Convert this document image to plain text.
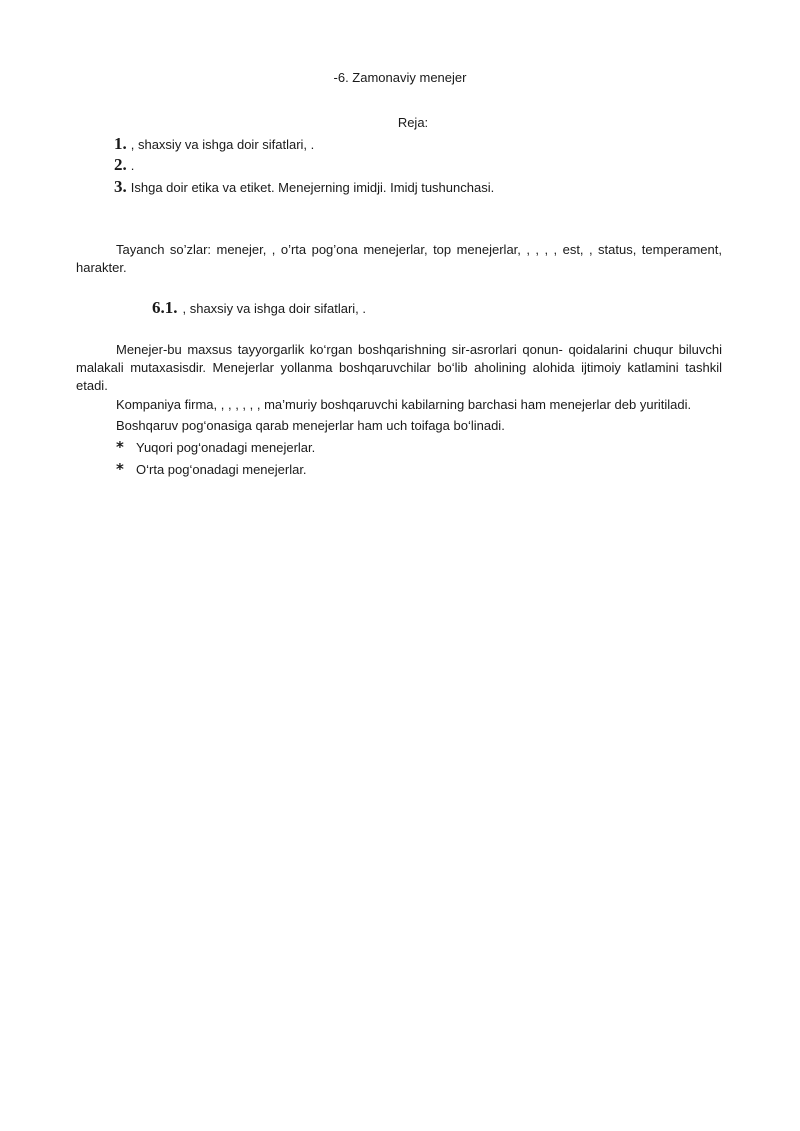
-6. Zamonaviy menejer
Reja:
1. , shaxsiy va ishga doir sifatlari, .
2. .
3. Ishga doir etika va etiket. Menejerning imidji. Imidj tushunchasi.
Tayanch so’zlar: menejer, , o’rta pog’ona menejerlar, top menejerlar, , , , , est, , status, temperament, harakter.
6.1. , shaxsiy va ishga doir sifatlari, .
Menejer-bu maxsus tayyorgarlik ko‘rgan boshqarishning sir-asrorlari qonun- qoidalarini chuqur biluvchi malakali mutaxasisdir. Menejerlar yollanma boshqaruvchilar bo‘lib aholining alohida ijtimoiy katlamini tashkil etadi.
Kompaniya firma, , , , , , , ma’muriy boshqaruvchi kabilarning barchasi ham menejerlar deb yuritiladi.
Boshqaruv pog‘onasiga qarab menejerlar ham uch toifaga bo‘linadi.
* Yuqori pog‘onadagi menejerlar.
* O‘rta pog‘onadagi menejerlar.
